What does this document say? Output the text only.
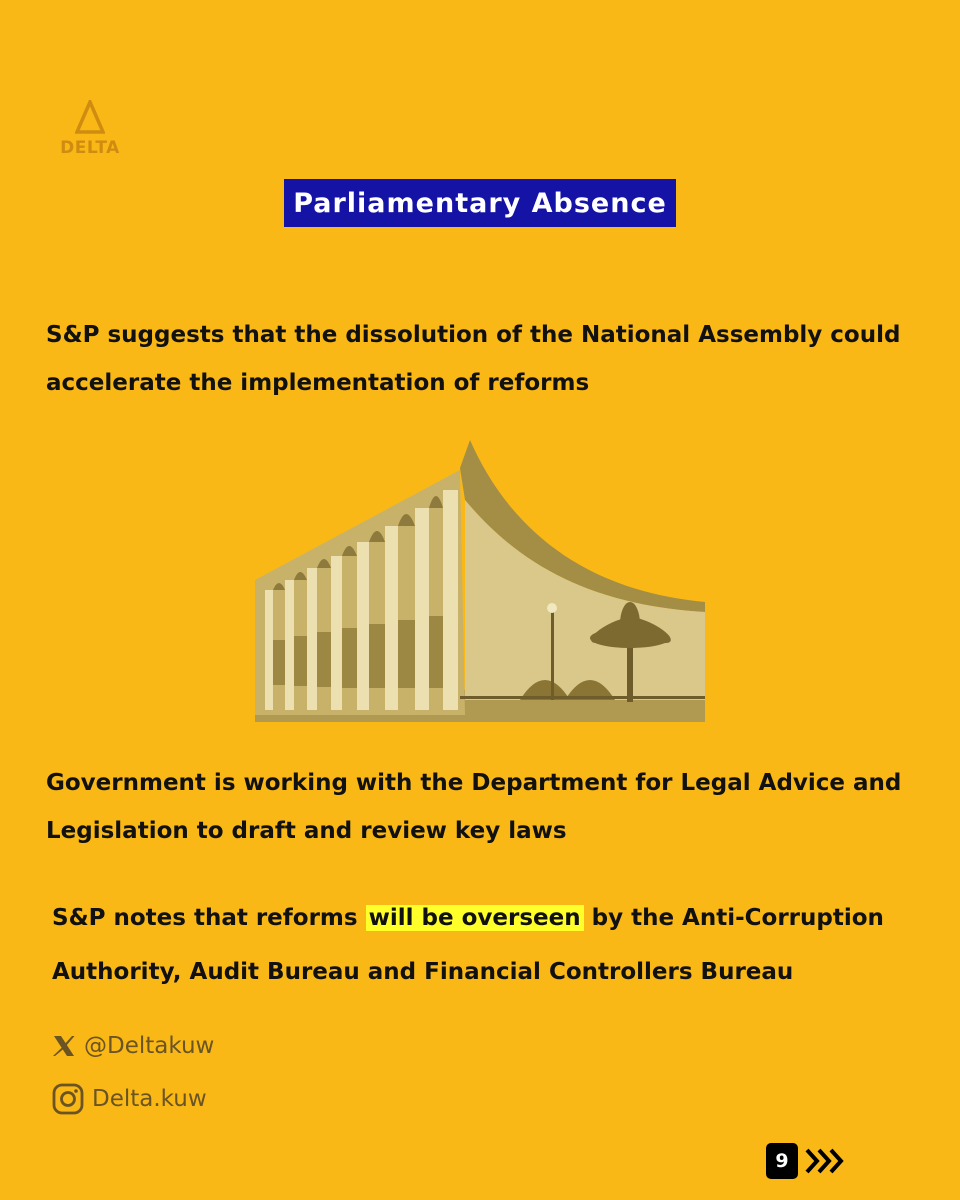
DELTA
Parliamentary Absence

S&P suggests that the dissolution of the National Assembly could accelerate the implementation of reforms

Government is working with the Department for Legal Advice and Legislation to draft and review key laws

S&P notes that reforms will be overseen by the Anti-Corruption Authority, Audit Bureau and Financial Controllers Bureau

@Deltakuw
Delta.kuw
9
